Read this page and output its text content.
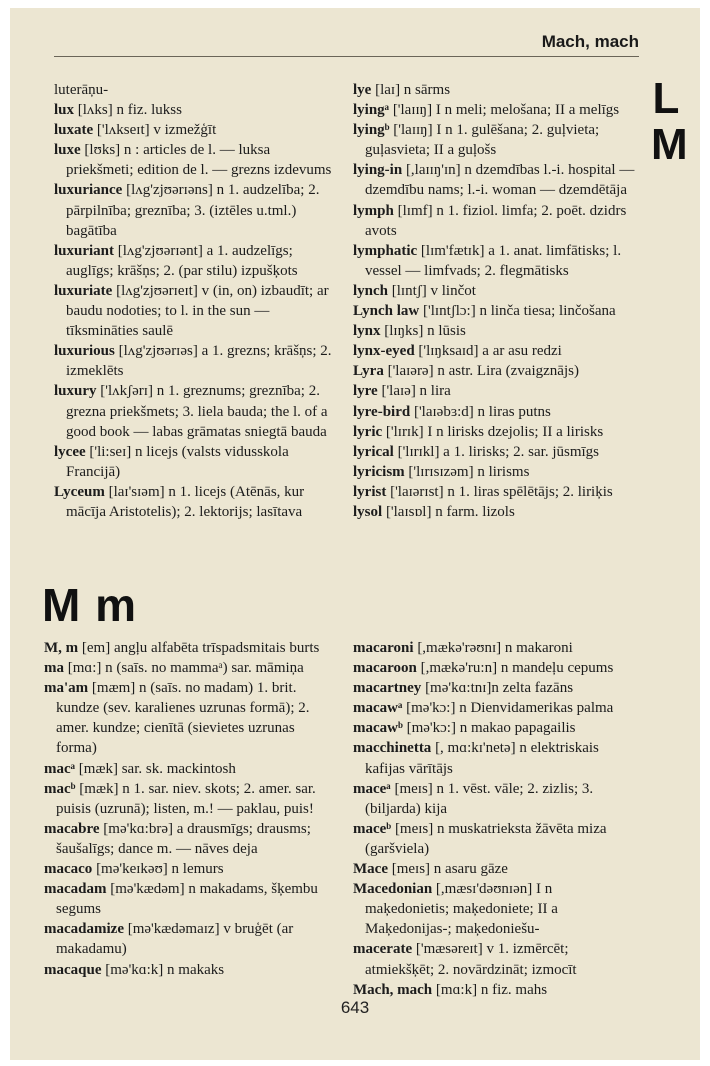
Mach, mach
L
M

luterāņu-

lux [lʌks] n fiz. lukss

luxate ['lʌkseɪt] v izmežģīt

luxe [lʊks] n : articles de l. — luksa priekšmeti; edition de l. — grezns izdevums

luxuriance [lʌg'zjʊərɪəns] n 1. audzelība; 2. pārpilnība; greznība; 3. (iztēles u.tml.) bagātība

luxuriant [lʌg'zjʊərɪənt] a 1. audzelīgs; auglīgs; krāšņs; 2. (par stilu) izpušķots

luxuriate [lʌg'zjʊərɪeɪt] v (in, on) izbaudīt; ar baudu nodoties; to l. in the sun — tīksmināties saulē

luxurious [lʌg'zjʊərɪəs] a 1. grezns; krāšņs; 2. izmeklēts

luxury ['lʌkʃərɪ] n 1. greznums; greznība; 2. grezna priekšmets; 3. liela bauda; the l. of a good book — labas grāmatas sniegtā bauda

lycee ['li:seɪ] n licejs (valsts vidusskola Francijā)

Lyceum [laɪ'sɪəm] n 1. licejs (Atēnās, kur mācīja Aristotelis); 2. lektorijs; lasītava

lye [laɪ] n sārms

lyingᵃ ['laɪɪŋ] I n meli; melošana; II a melīgs

lyingᵇ ['laɪɪŋ] I n 1. gulēšana; 2. guļvieta; guļasvieta; II a guļošs

lying-in [,laɪɪŋ'ɪn] n dzemdības l.-i. hospital — dzemdību nams; l.-i. woman — dzemdētāja

lymph [lɪmf] n 1. fiziol. limfa; 2. poēt. dzidrs avots

lymphatic [lɪm'fætɪk] a 1. anat. limfātisks; l. vessel — limfvads; 2. flegmātisks

lynch [lɪntʃ] v linčot

Lynch law ['lɪntʃlɔ:] n linča tiesa; linčošana

lynx [lɪŋks] n lūsis

lynx-eyed ['lɪŋksaɪd] a ar asu redzi

Lyra ['laɪərə] n astr. Lira (zvaigznājs)

lyre ['laɪə] n lira

lyre-bird ['laɪəbɜ:d] n liras putns

lyric ['lɪrɪk] I n lirisks dzejolis; II a lirisks

lyrical ['lɪrɪkl] a 1. lirisks; 2. sar. jūsmīgs

lyricism ['lɪrɪsɪzəm] n lirisms

lyrist ['laɪərɪst] n 1. liras spēlētājs; 2. liriķis

lysol ['laɪsɒl] n farm. lizols

M m

M, m [em] angļu alfabēta trīspadsmitais burts

ma [mɑ:] n (saīs. no mammaᵃ) sar. māmiņa

ma'am [mæm] n (saīs. no madam) 1. brit. kundze (sev. karalienes uzrunas formā); 2. amer. kundze; cienītā (sievietes uzrunas forma)

macᵃ [mæk] sar. sk. mackintosh

macᵇ [mæk] n 1. sar. niev. skots; 2. amer. sar. puisis (uzrunā); listen, m.! — paklau, puis!

macabre [mə'kɑ:brə] a drausmīgs; drausms; šaušalīgs; dance m. — nāves deja

macaco [mə'keɪkəʊ] n lemurs

macadam [mə'kædəm] n makadams, šķembu segums

macadamize [mə'kædəmaɪz] v bruģēt (ar makadamu)

macaque [mə'kɑ:k] n makaks

macaroni [,mækə'rəʊnɪ] n makaroni

macaroon [,mækə'ru:n] n mandeļu cepums

macartney [mə'kɑ:tnɪ]n zelta fazāns

macawᵃ [mə'kɔ:] n Dienvidamerikas palma

macawᵇ [mə'kɔ:] n makao papagailis

macchinetta [, mɑ:kɪ'netə] n elektriskais kafijas vārītājs

maceᵃ [meɪs] n 1. vēst. vāle; 2. zizlis; 3. (biljarda) kija

maceᵇ [meɪs] n muskatrieksta žāvēta miza (garšviela)

Mace [meɪs] n asaru gāze

Macedonian [,mæsɪ'dəʊnɪən] I n maķedonietis; maķedoniete; II a Maķedonijas-; maķedoniešu-

macerate ['mæsəreɪt] v 1. izmērcēt; atmiekšķēt; 2. novārdzināt; izmocīt

Mach, mach [mɑ:k] n fiz. mahs

643
